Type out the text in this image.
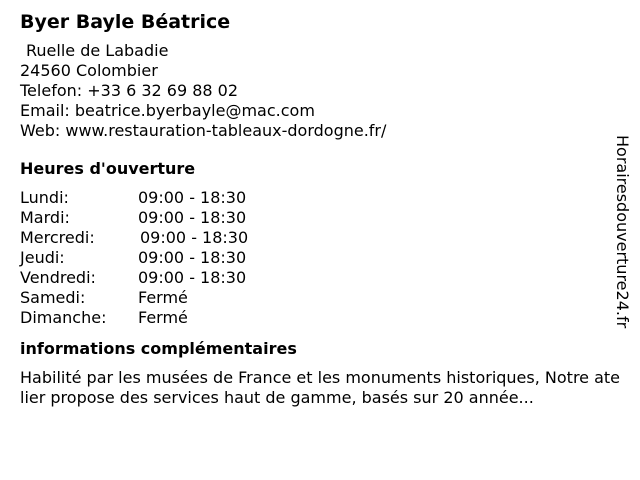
Byer Bayle Béatrice
Ruelle de Labadie
24560 Colombier
Telefon: +33 6 32 69 88 02
Email: beatrice.byerbayle@mac.com
Web: www.restauration-tableaux-dordogne.fr/
Heures d'ouverture
Lundi:	09:00 - 18:30
Mardi:	09:00 - 18:30
Mercredi:	09:00 - 18:30
Jeudi:	09:00 - 18:30
Vendredi:	09:00 - 18:30
Samedi:	Fermé
Dimanche:	Fermé
informations complémentaires
Habilité par les musées de France et les monuments historiques, Notre atelier propose des services haut de gamme, basés sur 20 année...
Horairesdouverture24.fr
